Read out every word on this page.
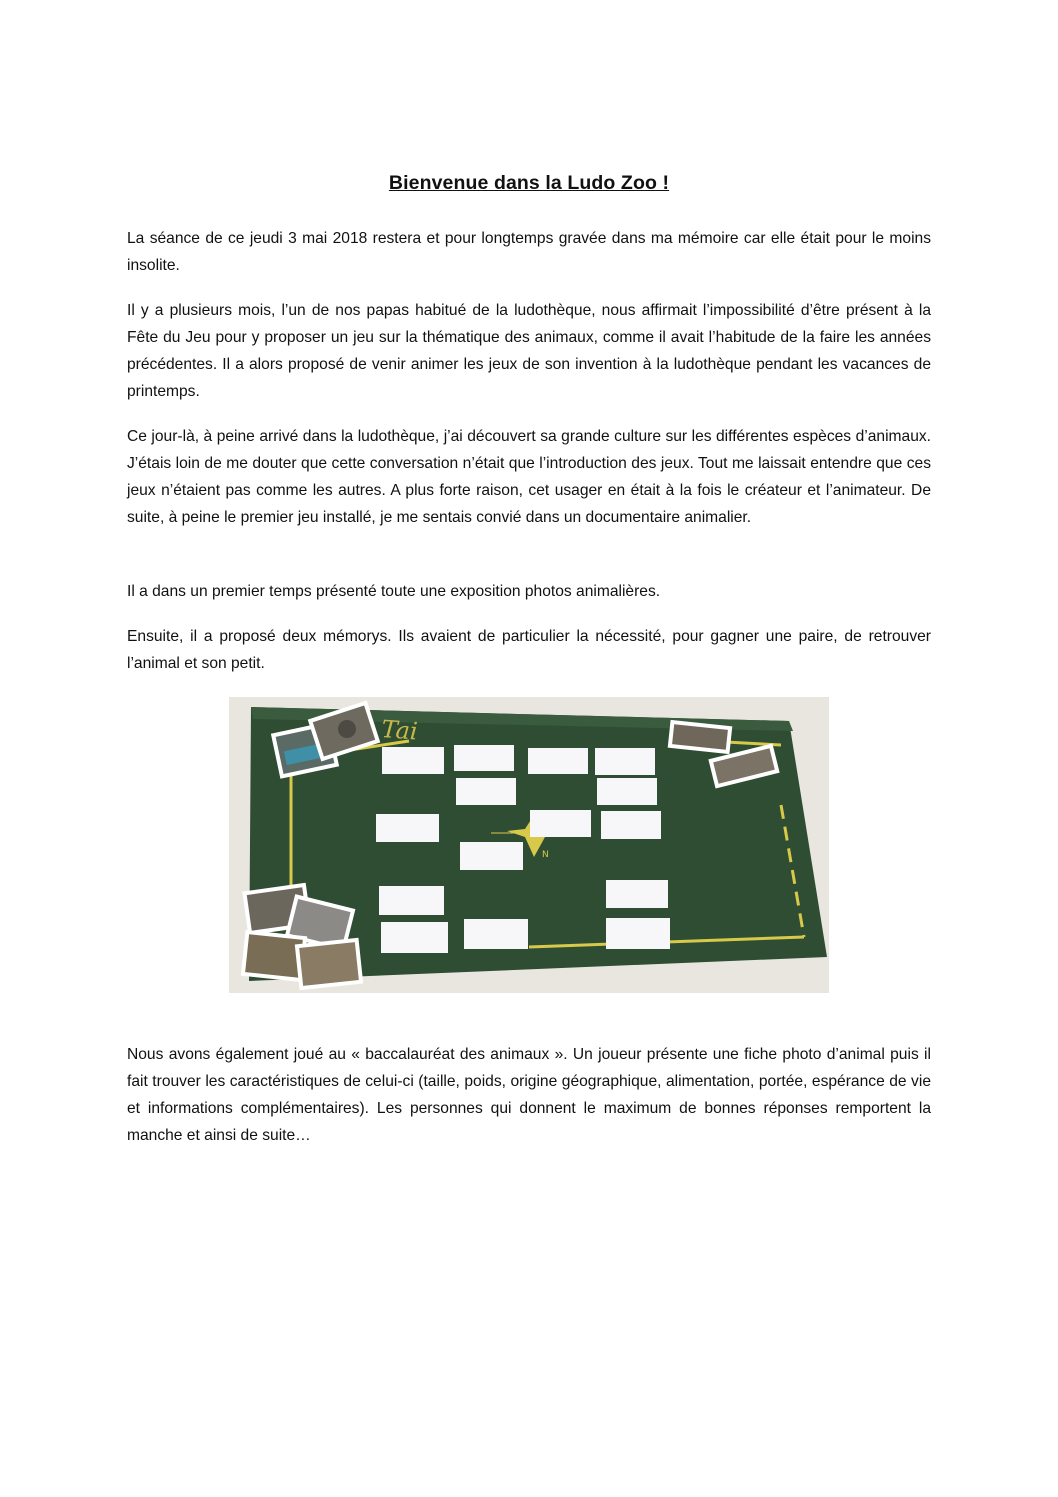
Bienvenue dans la Ludo Zoo !

La séance de ce jeudi 3 mai 2018 restera et pour longtemps gravée dans ma mémoire car elle était pour le moins insolite.

Il y a plusieurs mois, l’un de nos papas habitué de la ludothèque, nous affirmait l’impossibilité d’être présent à la Fête du Jeu pour y proposer un jeu sur la thématique des animaux, comme il avait l’habitude de la faire les années précédentes. Il a alors proposé de venir animer les jeux de son invention à la ludothèque pendant les vacances de printemps.

Ce jour-là, à peine arrivé dans la ludothèque, j’ai découvert sa grande culture sur les différentes espèces d’animaux. J’étais loin de me douter que cette conversation n’était que l’introduction des jeux. Tout me laissait entendre que ces jeux n’étaient pas comme les autres. A plus forte raison, cet usager en était à la fois le créateur et l’animateur. De suite, à peine le premier jeu installé, je me sentais convié dans un documentaire animalier.

Il a dans un premier temps présenté toute une exposition photos animalières.

Ensuite, il a proposé deux mémorys. Ils avaient de particulier la nécessité, pour gagner une paire, de retrouver l’animal et son petit.

Tai
N

Nous avons également joué au « baccalauréat des animaux ». Un joueur présente une fiche photo d’animal puis il fait trouver les caractéristiques de celui-ci (taille, poids, origine géographique, alimentation, portée, espérance de vie et informations complémentaires). Les personnes qui donnent le maximum de bonnes réponses remportent la manche et ainsi de suite…
